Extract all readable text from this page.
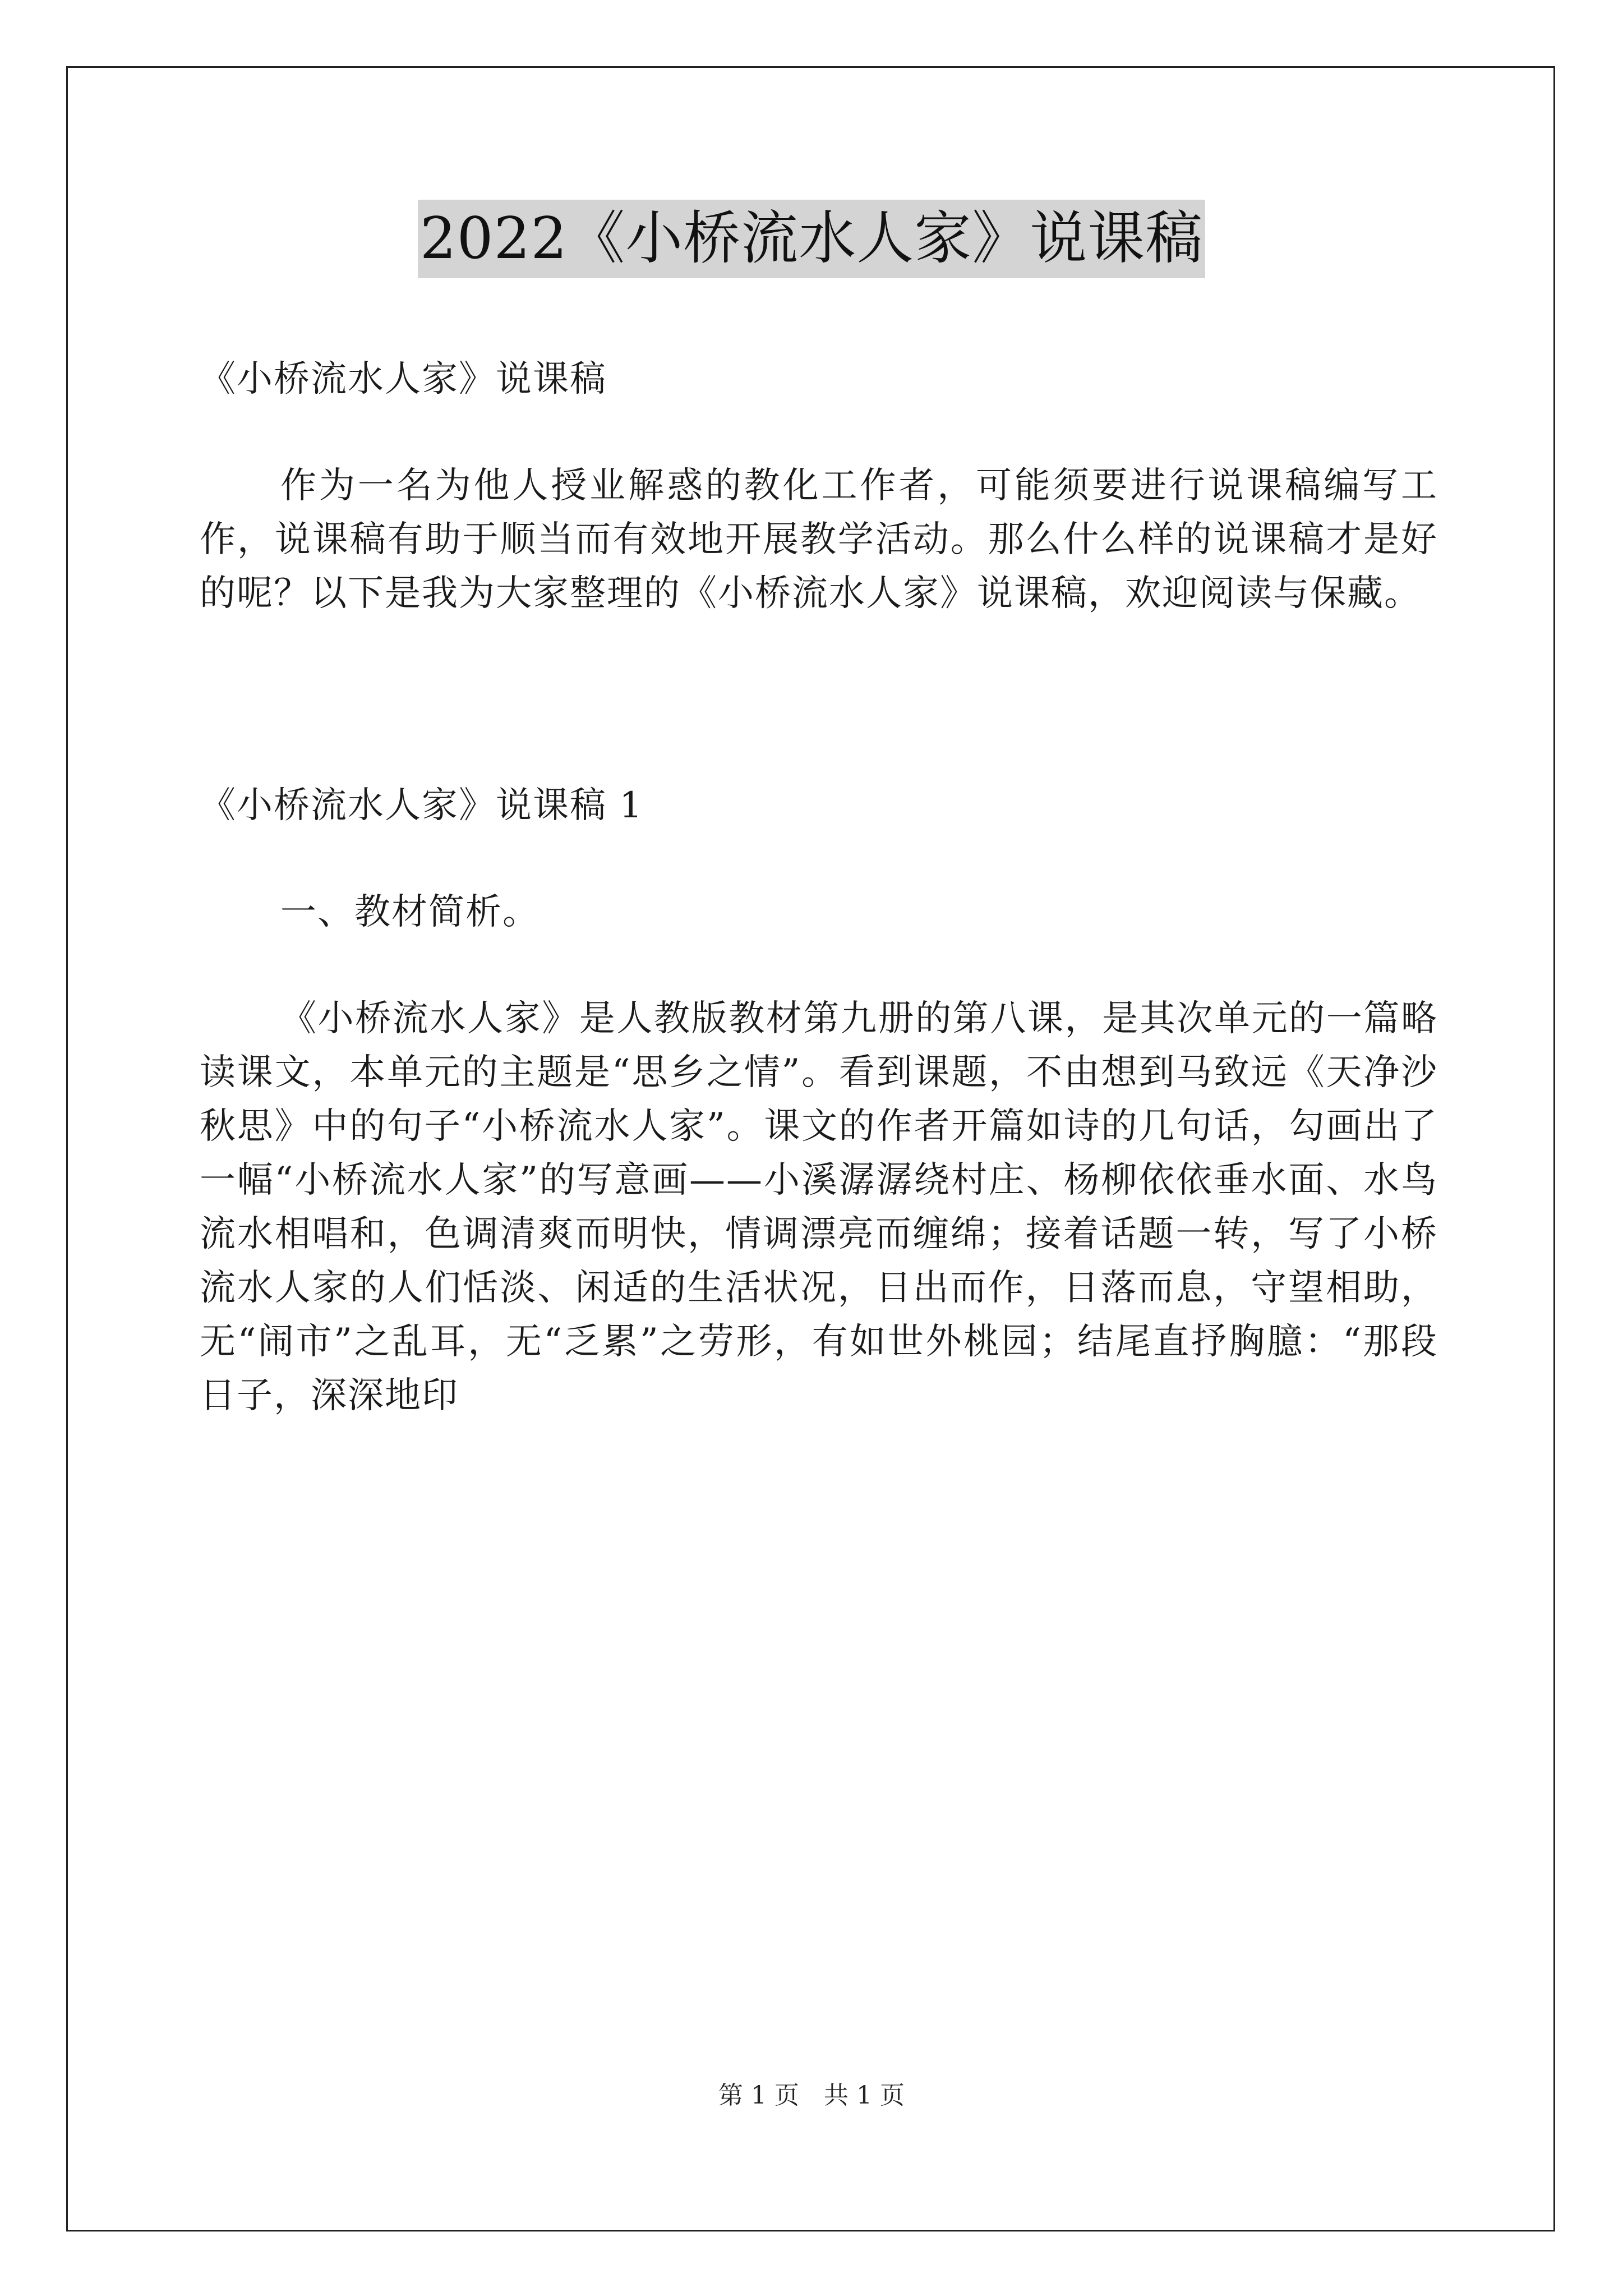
2022《小桥流水人家》说课稿

《小桥流水人家》说课稿

作为一名为他人授业解惑的教化工作者，可能须要进行说课稿编写工作，说课稿有助于顺当而有效地开展教学活动。那么什么样的说课稿才是好的呢？以下是我为大家整理的《小桥流水人家》说课稿，欢迎阅读与保藏。

《小桥流水人家》说课稿 1

一、教材简析。

《小桥流水人家》是人教版教材第九册的第八课，是其次单元的一篇略读课文，本单元的主题是“思乡之情”。看到课题，不由想到马致远《天净沙秋思》中的句子“小桥流水人家”。课文的作者开篇如诗的几句话，勾画出了一幅“小桥流水人家”的写意画——小溪潺潺绕村庄、杨柳依依垂水面、水鸟流水相唱和，色调清爽而明快，情调漂亮而缠绵；接着话题一转，写了小桥流水人家的人们恬淡、闲适的生活状况，日出而作，日落而息，守望相助，无“闹市”之乱耳，无“乏累”之劳形，有如世外桃园；结尾直抒胸臆：“那段日子，深深地印

第 1 页　共 1 页
